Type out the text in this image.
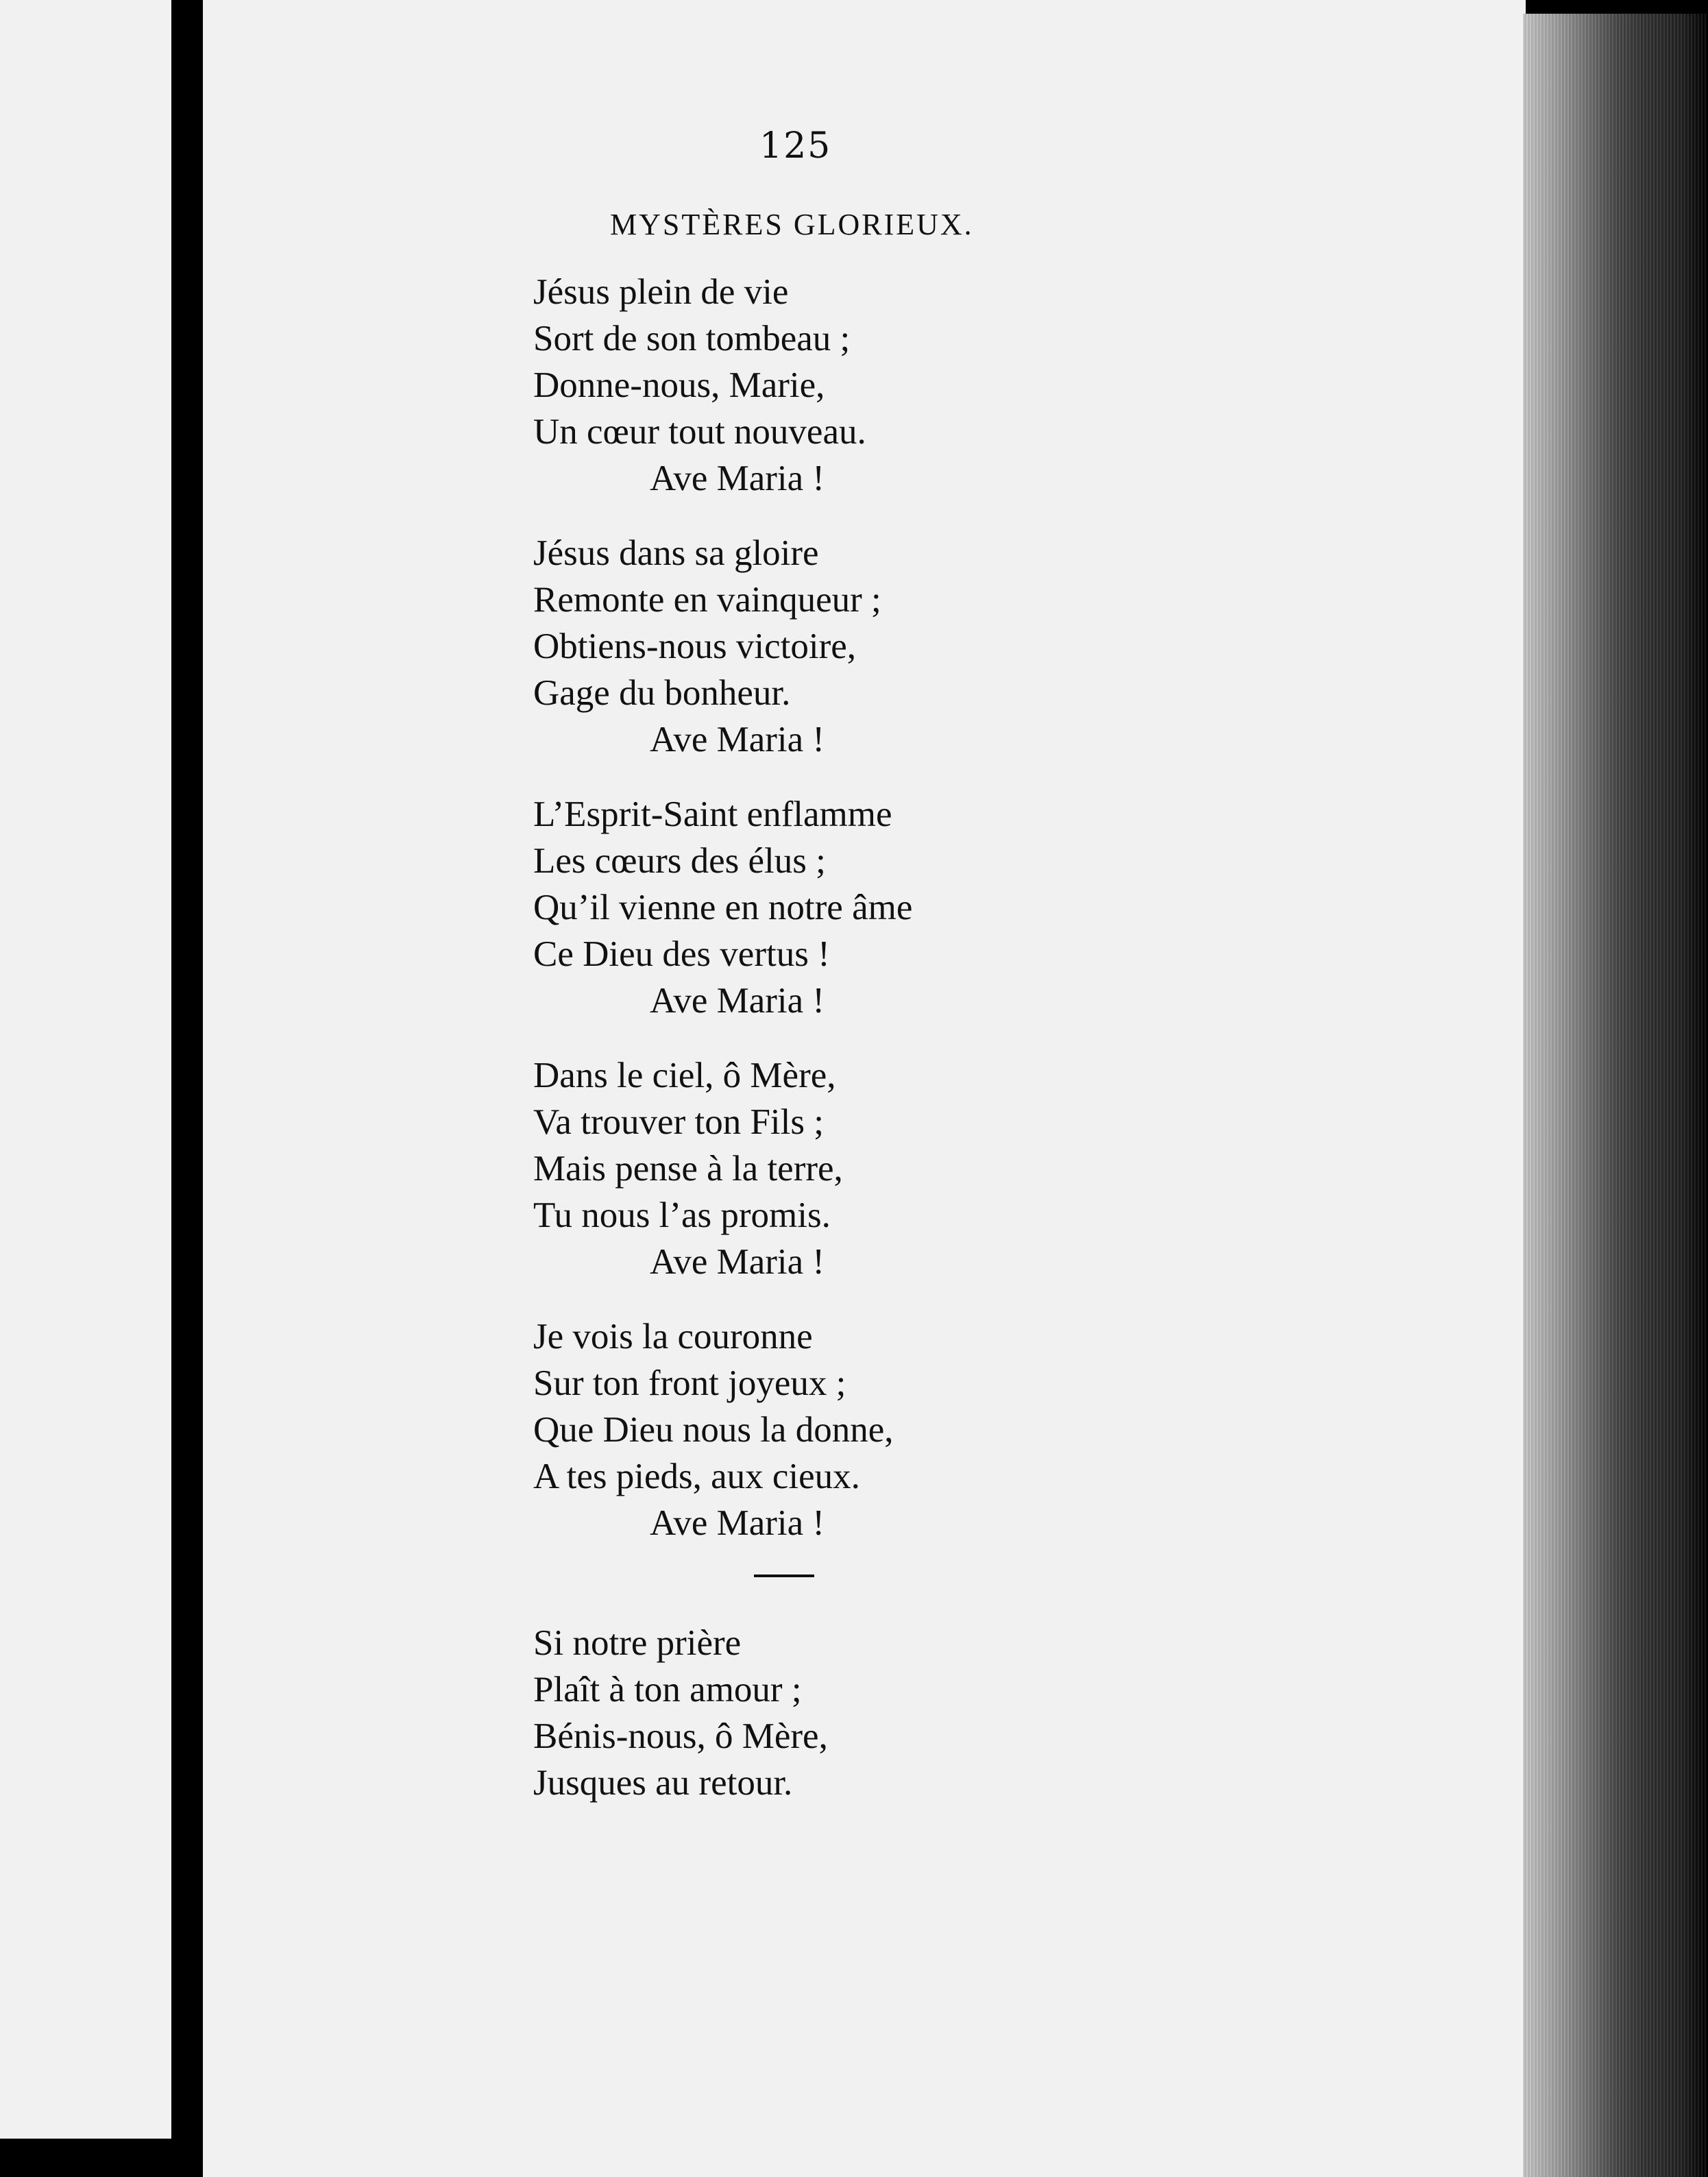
125
MYSTÈRES GLORIEUX.
Jésus plein de vie
Sort de son tombeau ;
Donne-nous, Marie,
Un cœur tout nouveau.
Ave Maria !
Jésus dans sa gloire
Remonte en vainqueur ;
Obtiens-nous victoire,
Gage du bonheur.
Ave Maria !
L’Esprit-Saint enflamme
Les cœurs des élus ;
Qu’il vienne en notre âme
Ce Dieu des vertus !
Ave Maria !
Dans le ciel, ô Mère,
Va trouver ton Fils ;
Mais pense à la terre,
Tu nous l’as promis.
Ave Maria !
Je vois la couronne
Sur ton front joyeux ;
Que Dieu nous la donne,
A tes pieds, aux cieux.
Ave Maria !
Si notre prière
Plaît à ton amour ;
Bénis-nous, ô Mère,
Jusques au retour.
